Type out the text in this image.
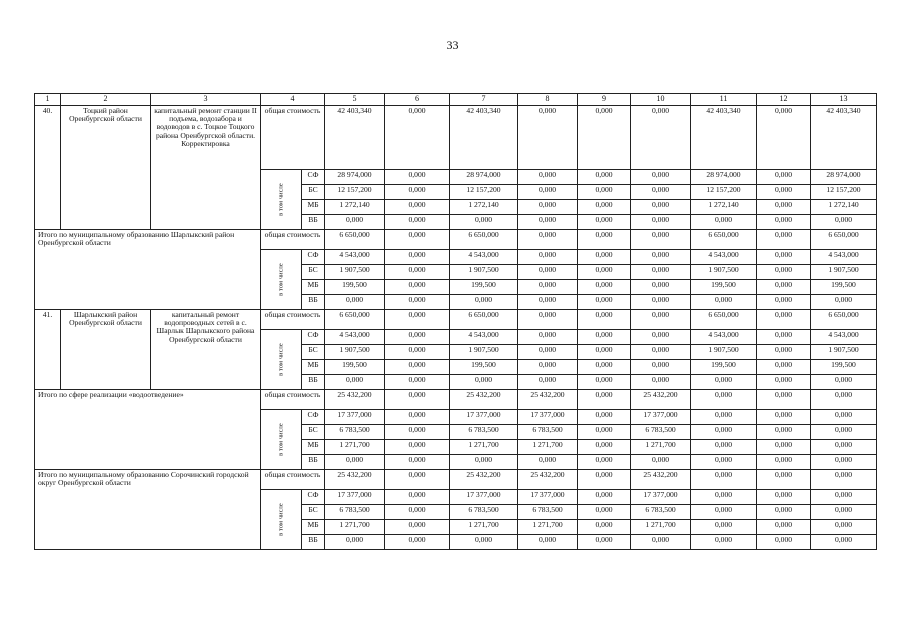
33
1	2	3	4		5	6	7	8	9	10	11	12	13
40.	Тоцкий район Оренбургской области	капитальный ремонт станции II подъема, водозабора и водоводов в с. Тоцкое Тоцкого района Оренбургской области. Корректировка	общая стоимость		42 403,340	0,000	42 403,340	0,000	0,000	0,000	42 403,340	0,000	42 403,340
			в том числе	СФ	28 974,000	0,000	28 974,000	0,000	0,000	0,000	28 974,000	0,000	28 974,000
				БС	12 157,200	0,000	12 157,200	0,000	0,000	0,000	12 157,200	0,000	12 157,200
				МБ	1 272,140	0,000	1 272,140	0,000	0,000	0,000	1 272,140	0,000	1 272,140
				ВБ	0,000	0,000	0,000	0,000	0,000	0,000	0,000	0,000	0,000
Итого по муниципальному образованию Шарлыкский район Оренбургской области			общая стоимость		6 650,000	0,000	6 650,000	0,000	0,000	0,000	6 650,000	0,000	6 650,000
			в том числе	СФ	4 543,000	0,000	4 543,000	0,000	0,000	0,000	4 543,000	0,000	4 543,000
				БС	1 907,500	0,000	1 907,500	0,000	0,000	0,000	1 907,500	0,000	1 907,500
				МБ	199,500	0,000	199,500	0,000	0,000	0,000	199,500	0,000	199,500
				ВБ	0,000	0,000	0,000	0,000	0,000	0,000	0,000	0,000	0,000
41.	Шарлыкский район Оренбургской области	капитальный ремонт водопроводных сетей в с. Шарлык Шарлыкского района Оренбургской области	общая стоимость		6 650,000	0,000	6 650,000	0,000	0,000	0,000	6 650,000	0,000	6 650,000
			в том числе	СФ	4 543,000	0,000	4 543,000	0,000	0,000	0,000	4 543,000	0,000	4 543,000
				БС	1 907,500	0,000	1 907,500	0,000	0,000	0,000	1 907,500	0,000	1 907,500
				МБ	199,500	0,000	199,500	0,000	0,000	0,000	199,500	0,000	199,500
				ВБ	0,000	0,000	0,000	0,000	0,000	0,000	0,000	0,000	0,000
Итого по сфере реализации «водоотведение»			общая стоимость		25 432,200	0,000	25 432,200	25 432,200	0,000	25 432,200	0,000	0,000	0,000
			в том числе	СФ	17 377,000	0,000	17 377,000	17 377,000	0,000	17 377,000	0,000	0,000	0,000
				БС	6 783,500	0,000	6 783,500	6 783,500	0,000	6 783,500	0,000	0,000	0,000
				МБ	1 271,700	0,000	1 271,700	1 271,700	0,000	1 271,700	0,000	0,000	0,000
				ВБ	0,000	0,000	0,000	0,000	0,000	0,000	0,000	0,000	0,000
Итого по муниципальному образованию Сорочинский городской округ Оренбургской области			общая стоимость		25 432,200	0,000	25 432,200	25 432,200	0,000	25 432,200	0,000	0,000	0,000
			в том числе	СФ	17 377,000	0,000	17 377,000	17 377,000	0,000	17 377,000	0,000	0,000	0,000
				БС	6 783,500	0,000	6 783,500	6 783,500	0,000	6 783,500	0,000	0,000	0,000
				МБ	1 271,700	0,000	1 271,700	1 271,700	0,000	1 271,700	0,000	0,000	0,000
				ВБ	0,000	0,000	0,000	0,000	0,000	0,000	0,000	0,000	0,000
